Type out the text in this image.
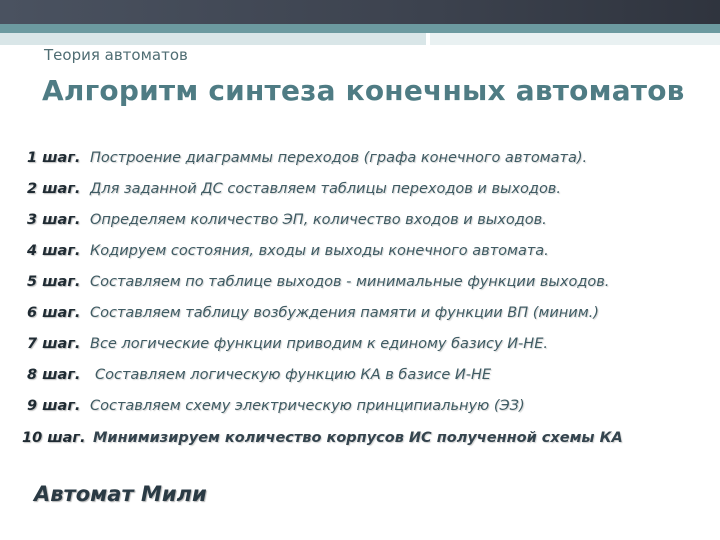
Теория автоматов
Алгоритм синтеза конечных автоматов
1 шаг. Построение диаграммы переходов (графа конечного автомата).
2 шаг. Для заданной ДС составляем таблицы переходов и выходов.
3 шаг. Определяем количество ЭП, количество входов и выходов.
4 шаг. Кодируем состояния, входы и выходы конечного автомата.
5 шаг. Составляем по таблице выходов - минимальные функции выходов.
6 шаг. Составляем таблицу возбуждения памяти и функции ВП (миним.)
7 шаг. Все логические функции приводим к единому базису И-НЕ.
8 шаг. Составляем логическую функцию КА в базисе И-НЕ
9 шаг. Составляем схему электрическую принципиальную (ЭЗ)
10 шаг. Минимизируем количество корпусов ИС полученной схемы КА
Автомат Мили
